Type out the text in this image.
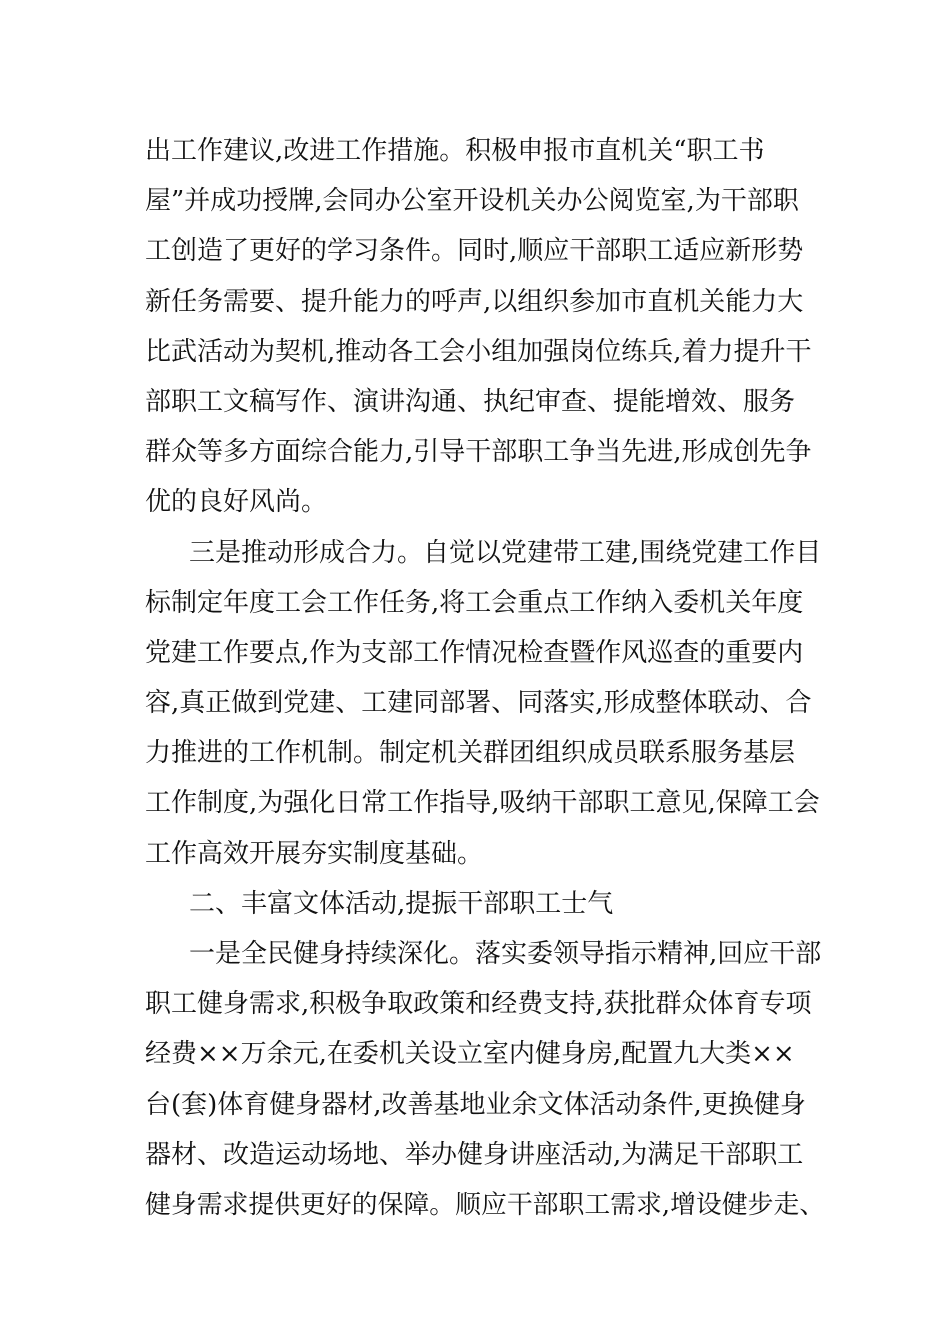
出工作建议,改进工作措施。积极申报市直机关“职工书
屋”并成功授牌,会同办公室开设机关办公阅览室,为干部职
工创造了更好的学习条件。同时,顺应干部职工适应新形势
新任务需要、提升能力的呼声,以组织参加市直机关能力大
比武活动为契机,推动各工会小组加强岗位练兵,着力提升干
部职工文稿写作、演讲沟通、执纪审查、提能增效、服务
群众等多方面综合能力,引导干部职工争当先进,形成创先争
优的良好风尚。
三是推动形成合力。自觉以党建带工建,围绕党建工作目
标制定年度工会工作任务,将工会重点工作纳入委机关年度
党建工作要点,作为支部工作情况检查暨作风巡查的重要内
容,真正做到党建、工建同部署、同落实,形成整体联动、合
力推进的工作机制。制定机关群团组织成员联系服务基层
工作制度,为强化日常工作指导,吸纳干部职工意见,保障工会
工作高效开展夯实制度基础。
二、丰富文体活动,提振干部职工士气
一是全民健身持续深化。落实委领导指示精神,回应干部
职工健身需求,积极争取政策和经费支持,获批群众体育专项
经费××万余元,在委机关设立室内健身房,配置九大类××
台(套)体育健身器材,改善基地业余文体活动条件,更换健身
器材、改造运动场地、举办健身讲座活动,为满足干部职工
健身需求提供更好的保障。顺应干部职工需求,增设健步走、
